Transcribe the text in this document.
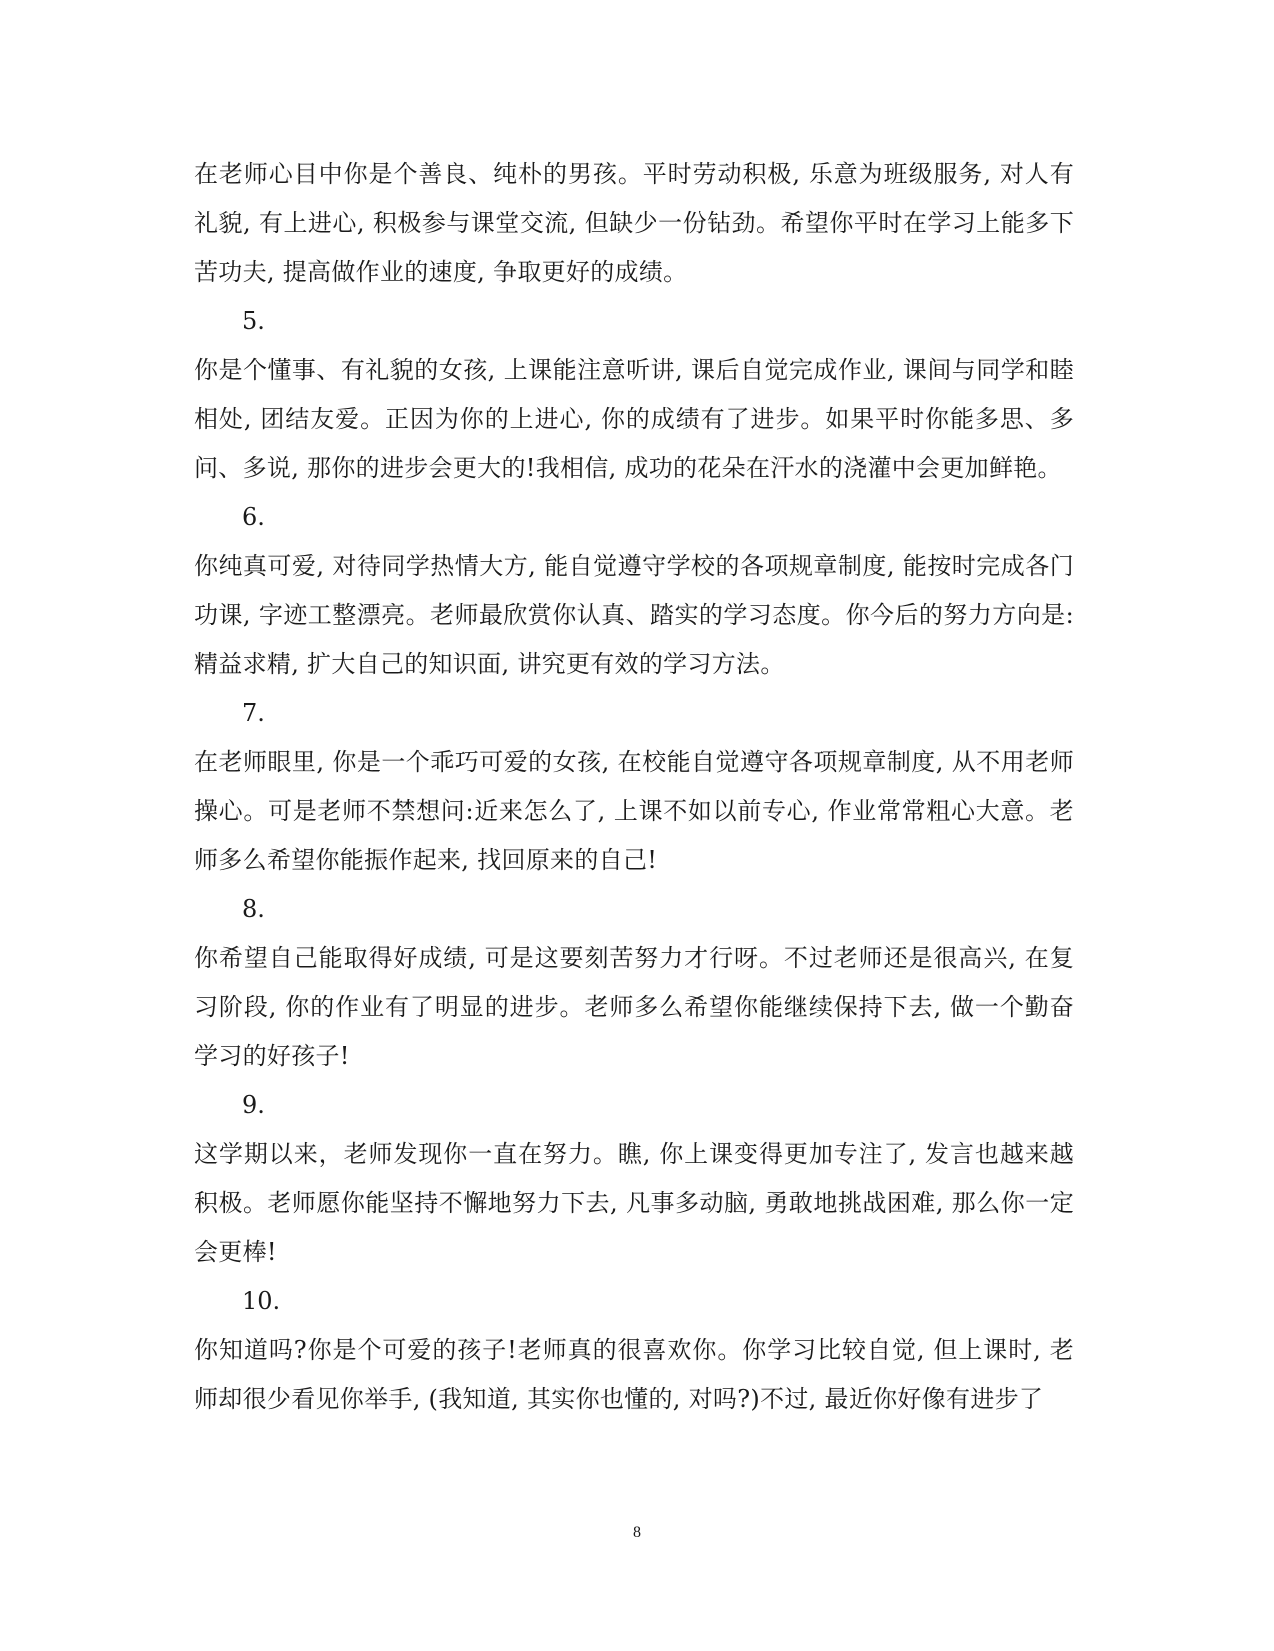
在老师心目中你是个善良、纯朴的男孩。平时劳动积极, 乐意为班级服务, 对人有礼貌, 有上进心, 积极参与课堂交流, 但缺少一份钻劲。希望你平时在学习上能多下苦功夫, 提高做作业的速度, 争取更好的成绩。

5.

你是个懂事、有礼貌的女孩, 上课能注意听讲, 课后自觉完成作业, 课间与同学和睦相处, 团结友爱。正因为你的上进心, 你的成绩有了进步。如果平时你能多思、多问、多说, 那你的进步会更大的!我相信, 成功的花朵在汗水的浇灌中会更加鲜艳。

6.

你纯真可爱, 对待同学热情大方, 能自觉遵守学校的各项规章制度, 能按时完成各门功课, 字迹工整漂亮。老师最欣赏你认真、踏实的学习态度。你今后的努力方向是:精益求精, 扩大自己的知识面, 讲究更有效的学习方法。

7.

在老师眼里, 你是一个乖巧可爱的女孩, 在校能自觉遵守各项规章制度, 从不用老师操心。可是老师不禁想问:近来怎么了, 上课不如以前专心, 作业常常粗心大意。老师多么希望你能振作起来, 找回原来的自己!

8.

你希望自己能取得好成绩, 可是这要刻苦努力才行呀。不过老师还是很高兴, 在复习阶段, 你的作业有了明显的进步。老师多么希望你能继续保持下去, 做一个勤奋学习的好孩子!

9.

这学期以来，老师发现你一直在努力。瞧, 你上课变得更加专注了, 发言也越来越积极。老师愿你能坚持不懈地努力下去, 凡事多动脑, 勇敢地挑战困难, 那么你一定会更棒!

10.

你知道吗?你是个可爱的孩子!老师真的很喜欢你。你学习比较自觉, 但上课时, 老师却很少看见你举手, (我知道, 其实你也懂的, 对吗?)不过, 最近你好像有进步了

8
